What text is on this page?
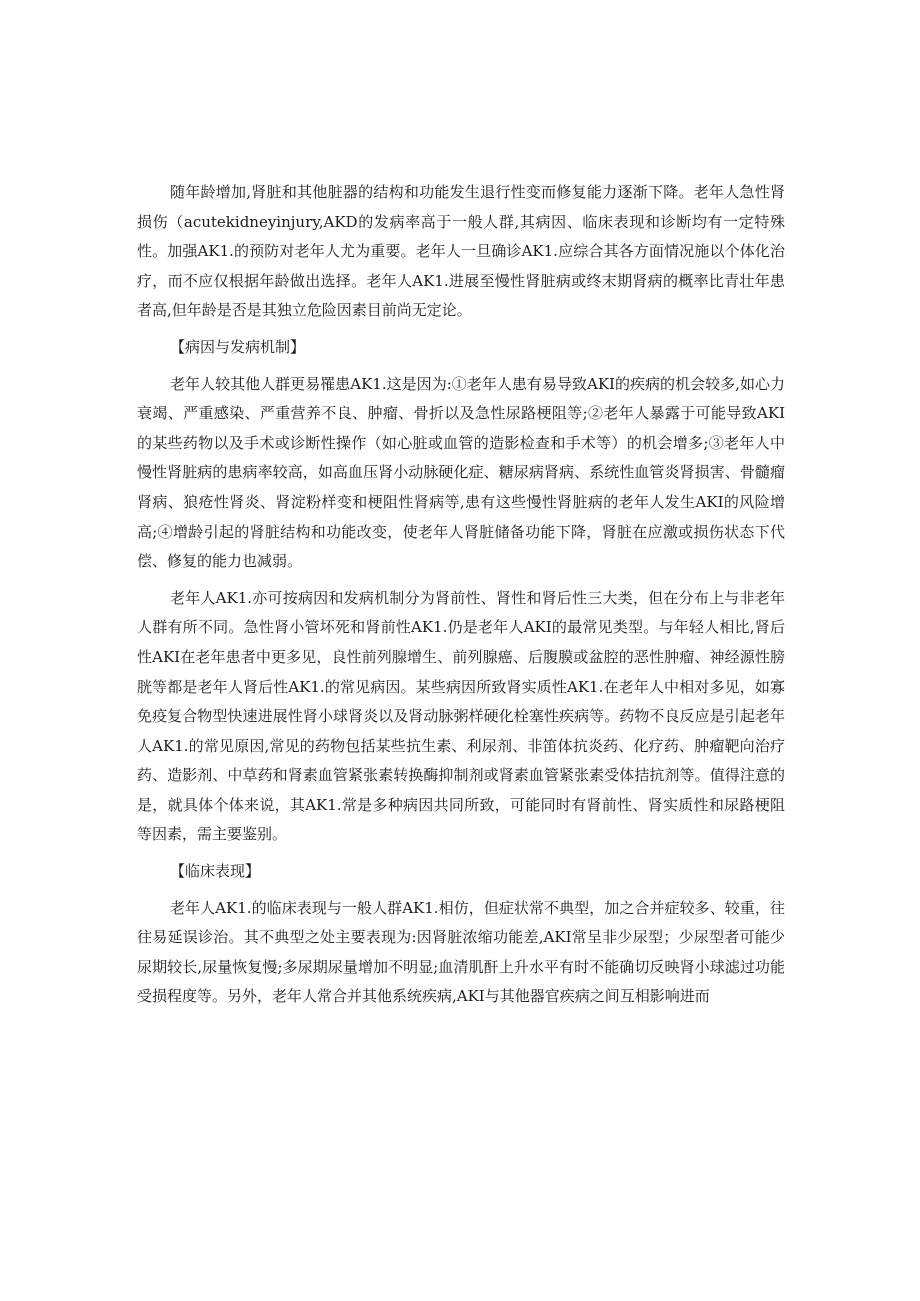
随年龄增加,肾脏和其他脏器的结构和功能发生退行性变而修复能力逐渐下降。老年人急性肾损伤（acutekidneyinjury,AKD的发病率高于一般人群,其病因、临床表现和诊断均有一定特殊性。加强AK1.的预防对老年人尤为重要。老年人一旦确诊AK1.应综合其各方面情况施以个体化治疗，而不应仅根据年龄做出选择。老年人AK1.进展至慢性肾脏病或终末期肾病的概率比青壮年患者高,但年龄是否是其独立危险因素目前尚无定论。

【病因与发病机制】

老年人较其他人群更易罹患AK1.这是因为:①老年人患有易导致AKI的疾病的机会较多,如心力衰竭、严重感染、严重营养不良、肿瘤、骨折以及急性尿路梗阻等;②老年人暴露于可能导致AKI的某些药物以及手术或诊断性操作（如心脏或血管的造影检查和手术等）的机会增多;③老年人中慢性肾脏病的患病率较高，如高血压肾小动脉硬化症、糖尿病肾病、系统性血管炎肾损害、骨髓瘤肾病、狼疮性肾炎、肾淀粉样变和梗阻性肾病等,患有这些慢性肾脏病的老年人发生AKI的风险增高;④增龄引起的肾脏结构和功能改变，使老年人肾脏储备功能下降，肾脏在应激或损伤状态下代偿、修复的能力也减弱。

老年人AK1.亦可按病因和发病机制分为肾前性、肾性和肾后性三大类，但在分布上与非老年人群有所不同。急性肾小管坏死和肾前性AK1.仍是老年人AKI的最常见类型。与年轻人相比,肾后性AKI在老年患者中更多见，良性前列腺增生、前列腺癌、后腹膜或盆腔的恶性肿瘤、神经源性膀胱等都是老年人肾后性AK1.的常见病因。某些病因所致肾实质性AK1.在老年人中相对多见，如寡免疫复合物型快速进展性肾小球肾炎以及肾动脉粥样硬化栓塞性疾病等。药物不良反应是引起老年人AK1.的常见原因,常见的药物包括某些抗生素、利尿剂、非笛体抗炎药、化疗药、肿瘤靶向治疗药、造影剂、中草药和肾素血管紧张素转换酶抑制剂或肾素血管紧张素受体拮抗剂等。值得注意的是，就具体个体来说，其AK1.常是多种病因共同所致，可能同时有肾前性、肾实质性和尿路梗阻等因素，需主要鉴别。

【临床表现】

老年人AK1.的临床表现与一般人群AK1.相仿，但症状常不典型，加之合并症较多、较重，往往易延误诊治。其不典型之处主要表现为:因肾脏浓缩功能差,AKI常呈非少尿型；少尿型者可能少尿期较长,尿量恢复慢;多尿期尿量增加不明显;血清肌酐上升水平有时不能确切反映肾小球滤过功能受损程度等。另外，老年人常合并其他系统疾病,AKI与其他器官疾病之间互相影响进而
